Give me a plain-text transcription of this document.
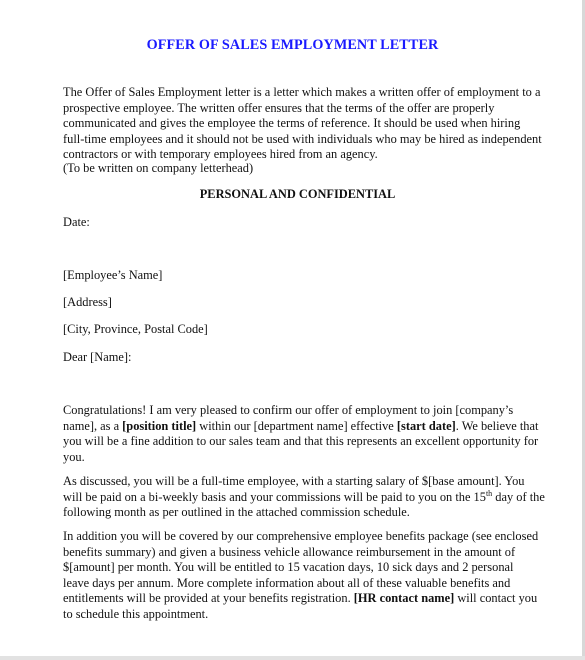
OFFER OF SALES EMPLOYMENT LETTER
The Offer of Sales Employment letter is a letter which makes a written offer of employment to a
prospective employee. The written offer ensures that the terms of the offer are properly
communicated and gives the employee the terms of reference. It should be used when hiring
full-time employees and it should not be used with individuals who may be hired as independent
contractors or with temporary employees hired from an agency.
(To be written on company letterhead)
PERSONAL AND CONFIDENTIAL
Date:
[Employee’s Name]
[Address]
[City, Province, Postal Code]
Dear [Name]:
Congratulations! I am very pleased to confirm our offer of employment to join [company’s
name], as a [position title] within our [department name] effective [start date]. We believe that
you will be a fine addition to our sales team and that this represents an excellent opportunity for
you.
As discussed, you will be a full-time employee, with a starting salary of $[base amount]. You
will be paid on a bi-weekly basis and your commissions will be paid to you on the 15th day of the
following month as per outlined in the attached commission schedule.
In addition you will be covered by our comprehensive employee benefits package (see enclosed
benefits summary) and given a business vehicle allowance reimbursement in the amount of
$[amount] per month. You will be entitled to 15 vacation days, 10 sick days and 2 personal
leave days per annum. More complete information about all of these valuable benefits and
entitlements will be provided at your benefits registration. [HR contact name] will contact you
to schedule this appointment.
